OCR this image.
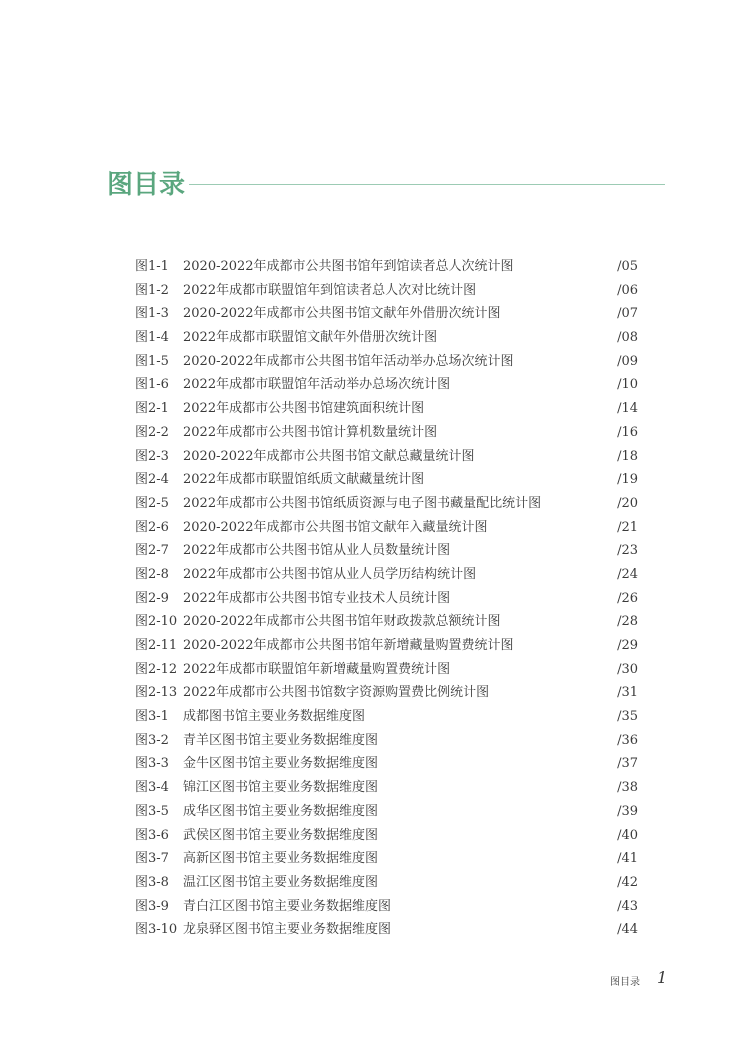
图目录
图1-1 2020-2022年成都市公共图书馆年到馆读者总人次统计图	/05
图1-2 2022年成都市联盟馆年到馆读者总人次对比统计图	/06
图1-3 2020-2022年成都市公共图书馆文献年外借册次统计图	/07
图1-4 2022年成都市联盟馆文献年外借册次统计图	/08
图1-5 2020-2022年成都市公共图书馆年活动举办总场次统计图	/09
图1-6 2022年成都市联盟馆年活动举办总场次统计图	/10
图2-1 2022年成都市公共图书馆建筑面积统计图	/14
图2-2 2022年成都市公共图书馆计算机数量统计图	/16
图2-3 2020-2022年成都市公共图书馆文献总藏量统计图	/18
图2-4 2022年成都市联盟馆纸质文献藏量统计图	/19
图2-5 2022年成都市公共图书馆纸质资源与电子图书藏量配比统计图	/20
图2-6 2020-2022年成都市公共图书馆文献年入藏量统计图	/21
图2-7 2022年成都市公共图书馆从业人员数量统计图	/23
图2-8 2022年成都市公共图书馆从业人员学历结构统计图	/24
图2-9 2022年成都市公共图书馆专业技术人员统计图	/26
图2-10 2020-2022年成都市公共图书馆年财政拨款总额统计图	/28
图2-11 2020-2022年成都市公共图书馆年新增藏量购置费统计图	/29
图2-12 2022年成都市联盟馆年新增藏量购置费统计图	/30
图2-13 2022年成都市公共图书馆数字资源购置费比例统计图	/31
图3-1 成都图书馆主要业务数据维度图	/35
图3-2 青羊区图书馆主要业务数据维度图	/36
图3-3 金牛区图书馆主要业务数据维度图	/37
图3-4 锦江区图书馆主要业务数据维度图	/38
图3-5 成华区图书馆主要业务数据维度图	/39
图3-6 武侯区图书馆主要业务数据维度图	/40
图3-7 高新区图书馆主要业务数据维度图	/41
图3-8 温江区图书馆主要业务数据维度图	/42
图3-9 青白江区图书馆主要业务数据维度图	/43
图3-10 龙泉驿区图书馆主要业务数据维度图	/44
图目录 1
